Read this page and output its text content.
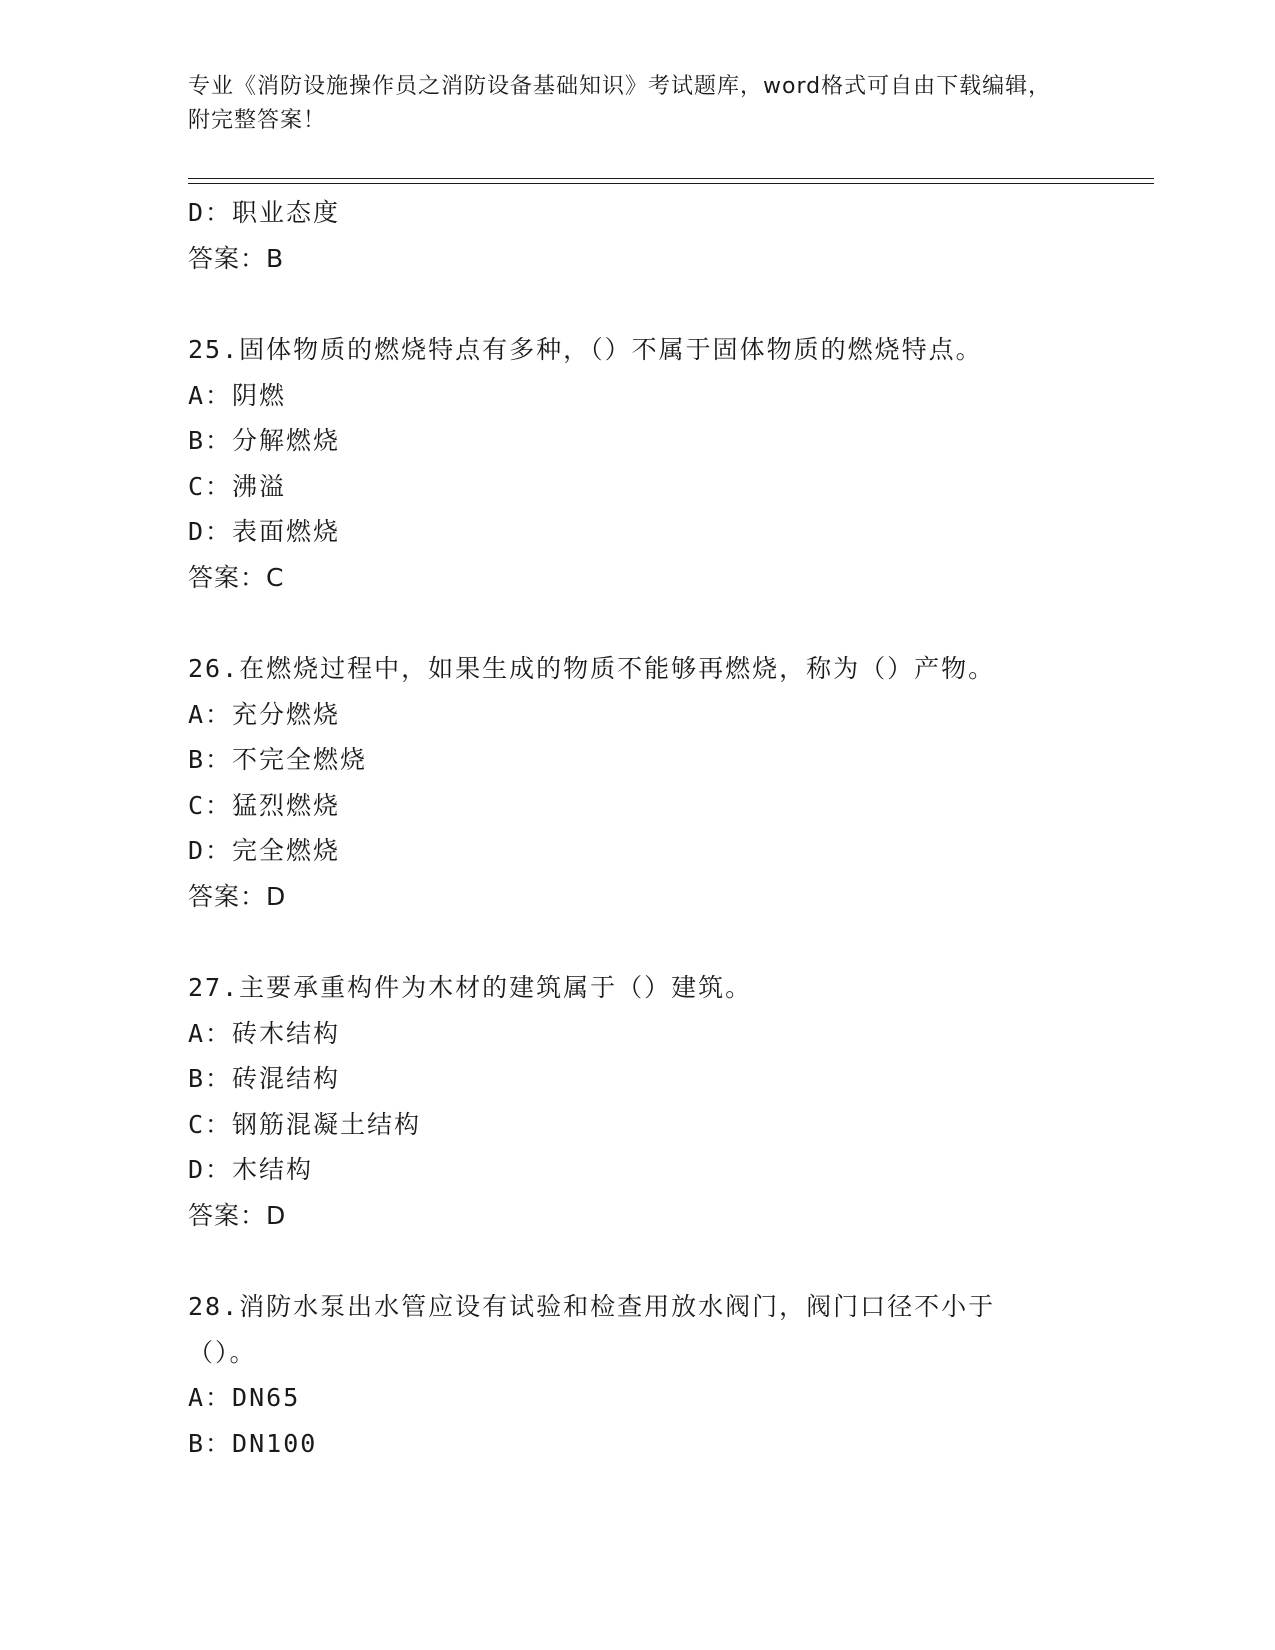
专业《消防设施操作员之消防设备基础知识》考试题库，word格式可自由下载编辑，附完整答案！
D：职业态度
答案：B
25.固体物质的燃烧特点有多种，（）不属于固体物质的燃烧特点。
A：阴燃
B：分解燃烧
C：沸溢
D：表面燃烧
答案：C
26.在燃烧过程中，如果生成的物质不能够再燃烧，称为（）产物。
A：充分燃烧
B：不完全燃烧
C：猛烈燃烧
D：完全燃烧
答案：D
27.主要承重构件为木材的建筑属于（）建筑。
A：砖木结构
B：砖混结构
C：钢筋混凝土结构
D：木结构
答案：D
28.消防水泵出水管应设有试验和检查用放水阀门，阀门口径不小于（）。
A：DN65
B：DN100
